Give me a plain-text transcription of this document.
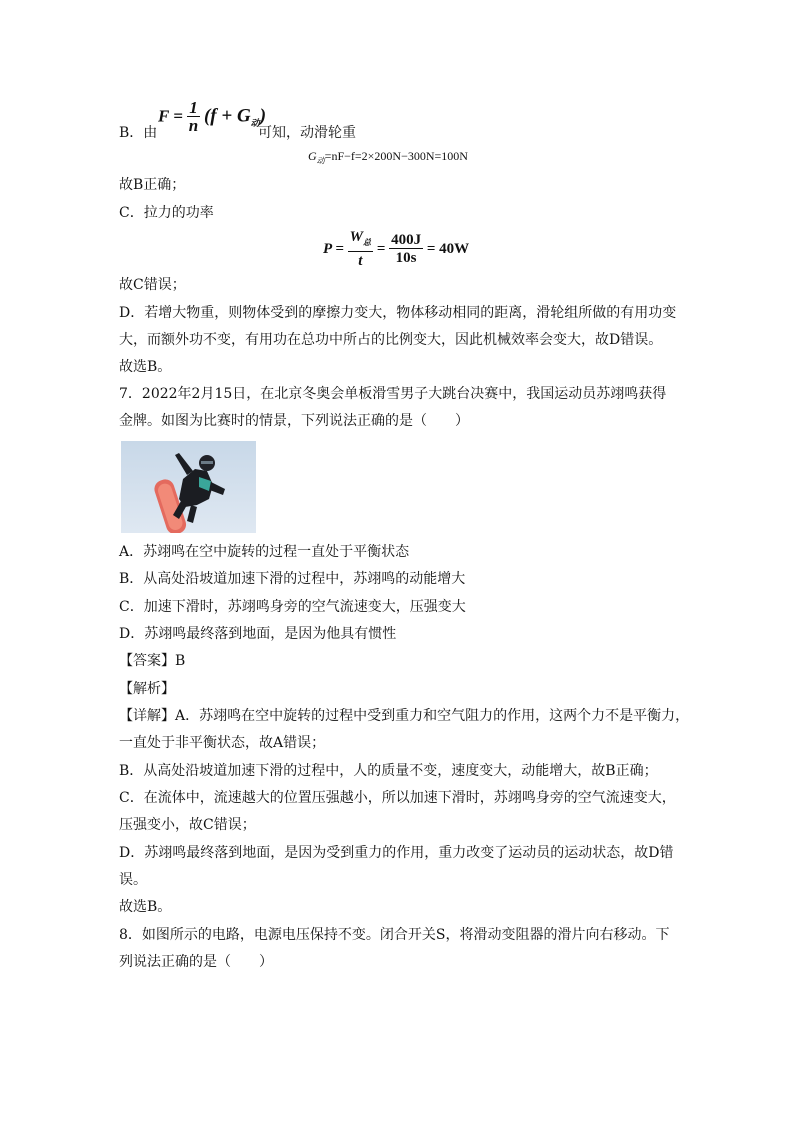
B．由
$F = \frac{1}{n} (f + G_动)$
可知，动滑轮重
$G_动=nF-f=2\times 200N-300N=100N$
故B正确；
C．拉力的功率
$P = \frac{W_总}{t} = \frac{400J}{10s} = 40W$
故C错误；
D．若增大物重，则物体受到的摩擦力变大，物体移动相同的距离，滑轮组所做的有用功变
大，而额外功不变，有用功在总功中所占的比例变大，因此机械效率会变大，故D错误。
故选B。
7．2022年2月15日，在北京冬奥会单板滑雪男子大跳台决赛中，我国运动员苏翊鸣获得
金牌。如图为比赛时的情景，下列说法正确的是（　　）
A．苏翊鸣在空中旋转的过程一直处于平衡状态
B．从高处沿坡道加速下滑的过程中，苏翊鸣的动能增大
C．加速下滑时，苏翊鸣身旁的空气流速变大，压强变大
D．苏翊鸣最终落到地面，是因为他具有惯性
【答案】B
【解析】
【详解】A．苏翊鸣在空中旋转的过程中受到重力和空气阻力的作用，这两个力不是平衡力，
一直处于非平衡状态，故A错误；
B．从高处沿坡道加速下滑的过程中，人的质量不变，速度变大，动能增大，故B正确；
C．在流体中，流速越大的位置压强越小，所以加速下滑时，苏翊鸣身旁的空气流速变大，
压强变小，故C错误；
D．苏翊鸣最终落到地面，是因为受到重力的作用，重力改变了运动员的运动状态，故D错
误。
故选B。
8．如图所示的电路，电源电压保持不变。闭合开关S，将滑动变阻器的滑片向右移动。下
列说法正确的是（　　）
